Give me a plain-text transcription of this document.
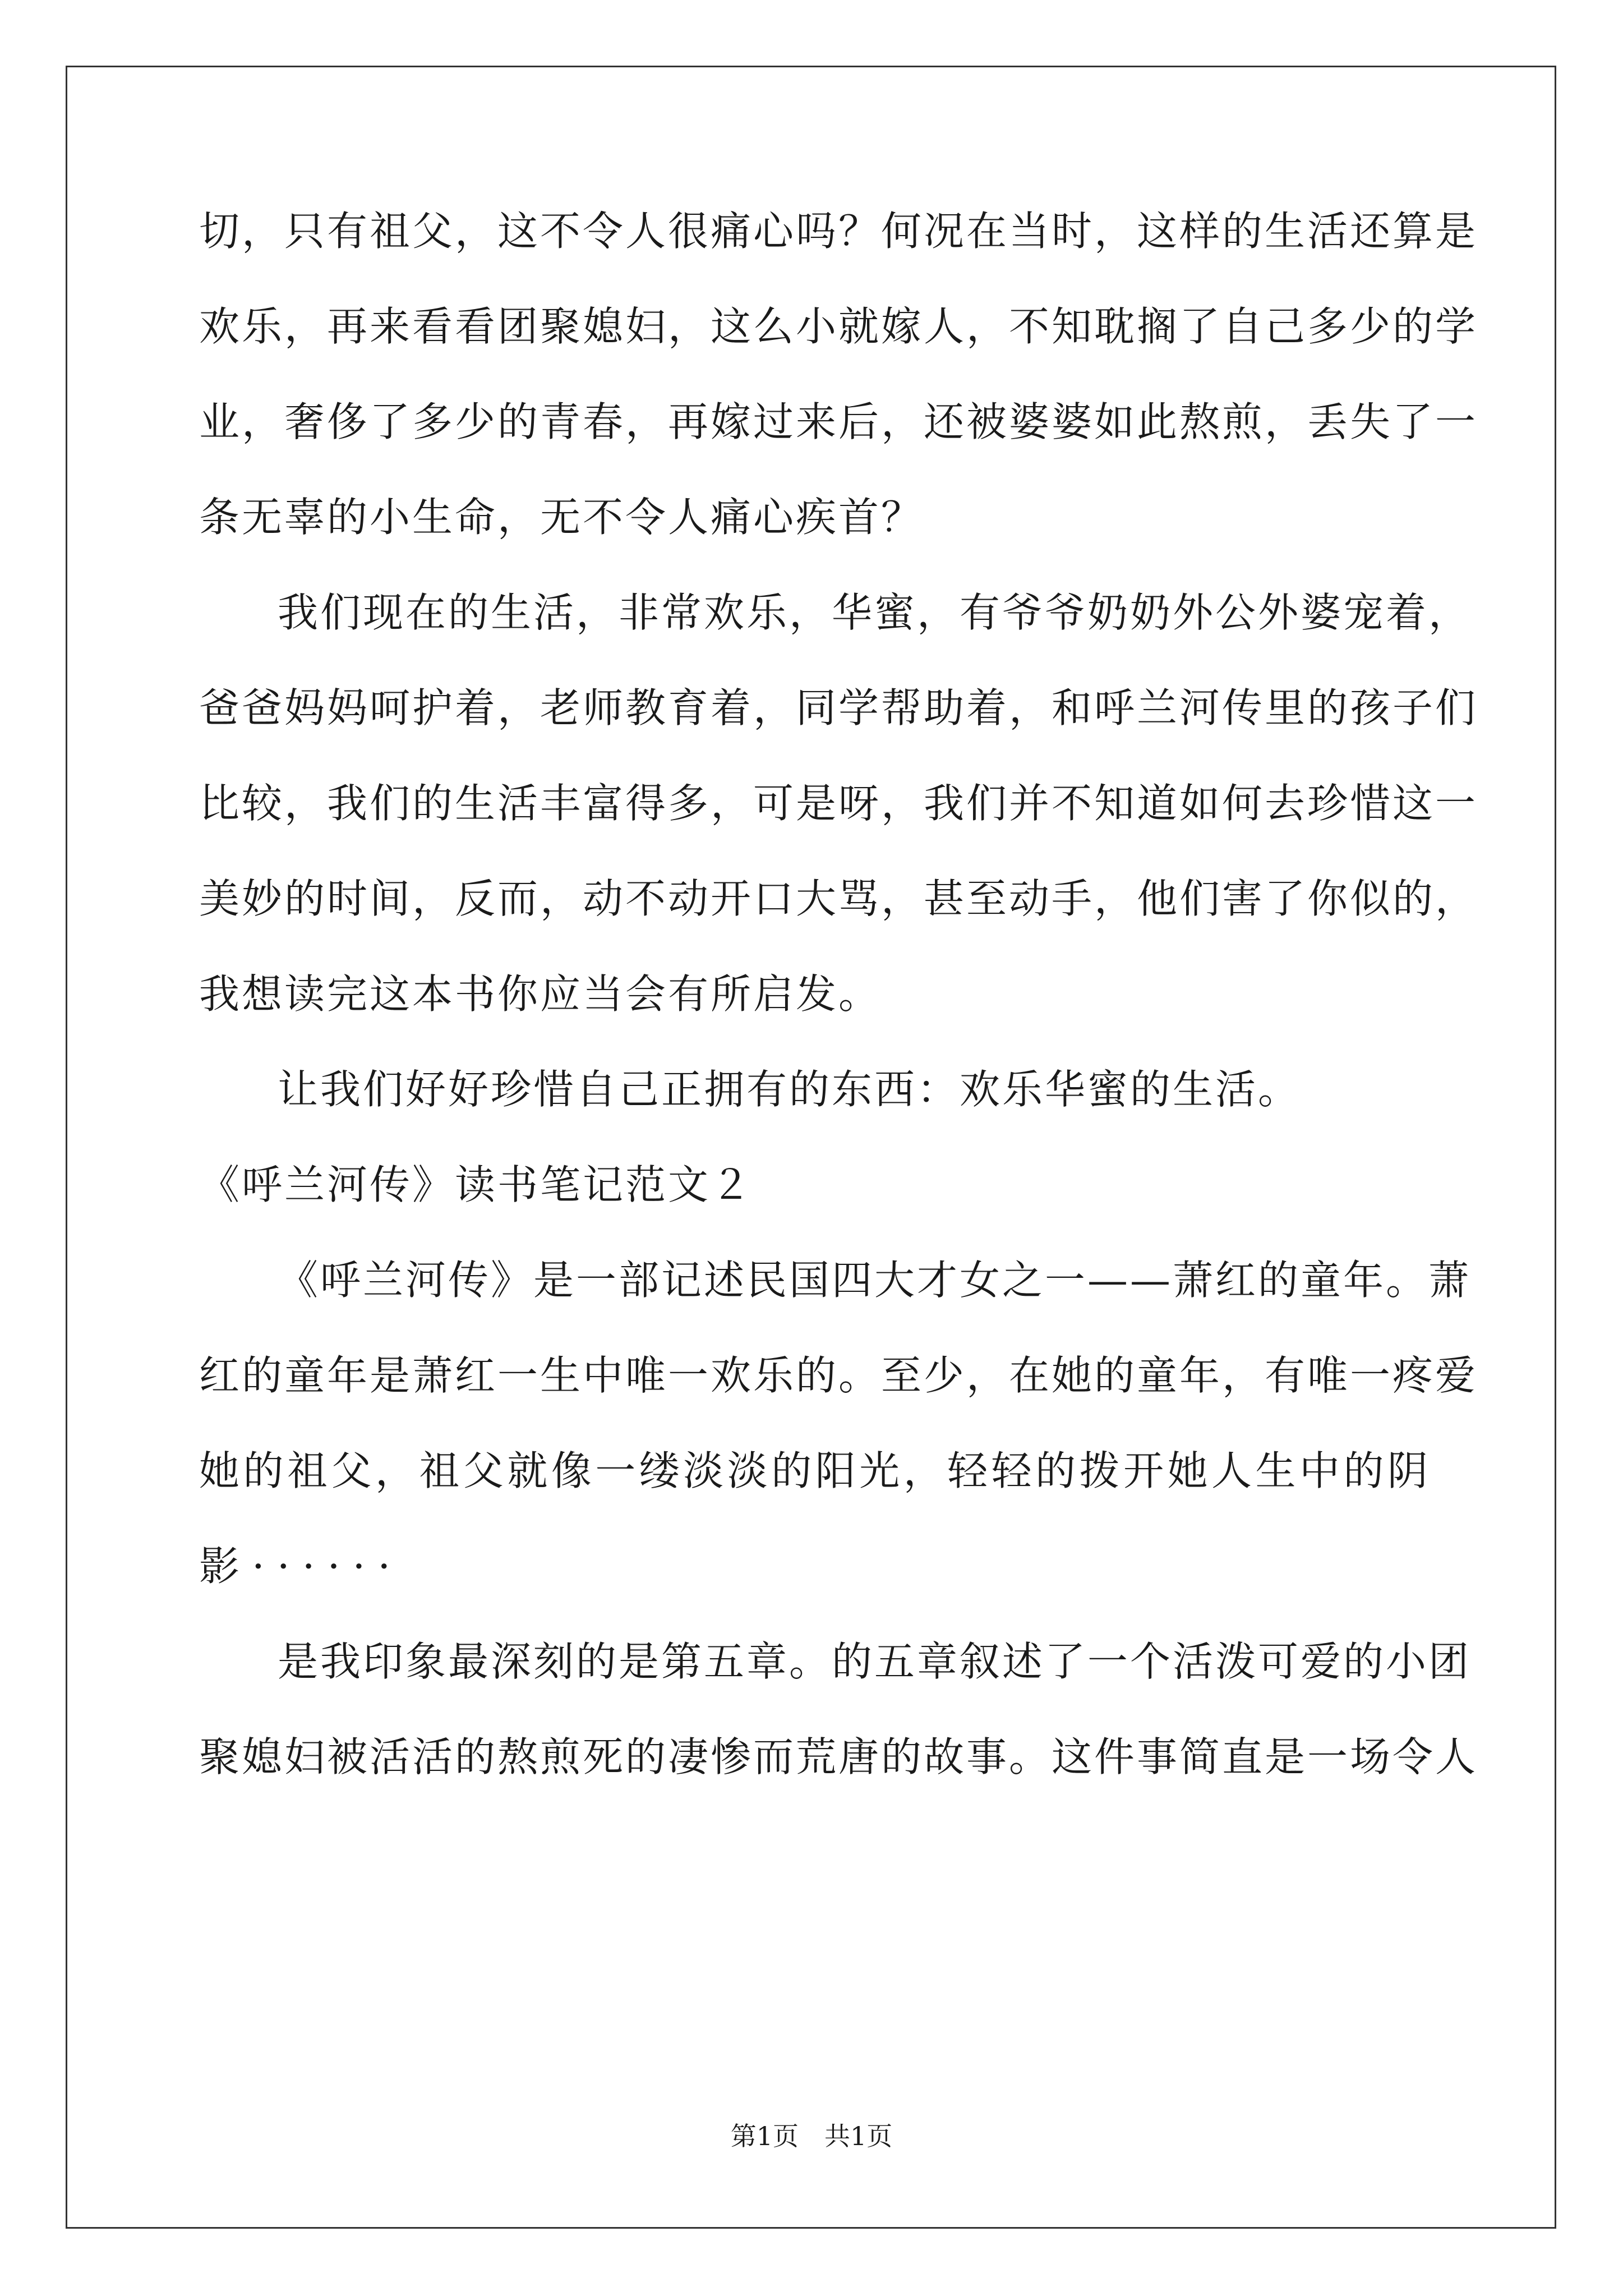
切，只有祖父，这不令人很痛心吗？何况在当时，这样的生活还算是
欢乐，再来看看团聚媳妇，这么小就嫁人，不知耽搁了自己多少的学
业，奢侈了多少的青春，再嫁过来后，还被婆婆如此熬煎，丢失了一
条无辜的小生命，无不令人痛心疾首？
我们现在的生活，非常欢乐，华蜜，有爷爷奶奶外公外婆宠着，
爸爸妈妈呵护着，老师教育着，同学帮助着，和呼兰河传里的孩子们
比较，我们的生活丰富得多，可是呀，我们并不知道如何去珍惜这一
美妙的时间，反而，动不动开口大骂，甚至动手，他们害了你似的，
我想读完这本书你应当会有所启发。
让我们好好珍惜自己正拥有的东西：欢乐华蜜的生活。
《呼兰河传》读书笔记范文２
《呼兰河传》是一部记述民国四大才女之一——萧红的童年。萧
红的童年是萧红一生中唯一欢乐的。至少，在她的童年，有唯一疼爱
她的祖父，祖父就像一缕淡淡的阳光，轻轻的拨开她人生中的阴
影······
是我印象最深刻的是第五章。的五章叙述了一个活泼可爱的小团
聚媳妇被活活的熬煎死的凄惨而荒唐的故事。这件事简直是一场令人
第1页　共1页
